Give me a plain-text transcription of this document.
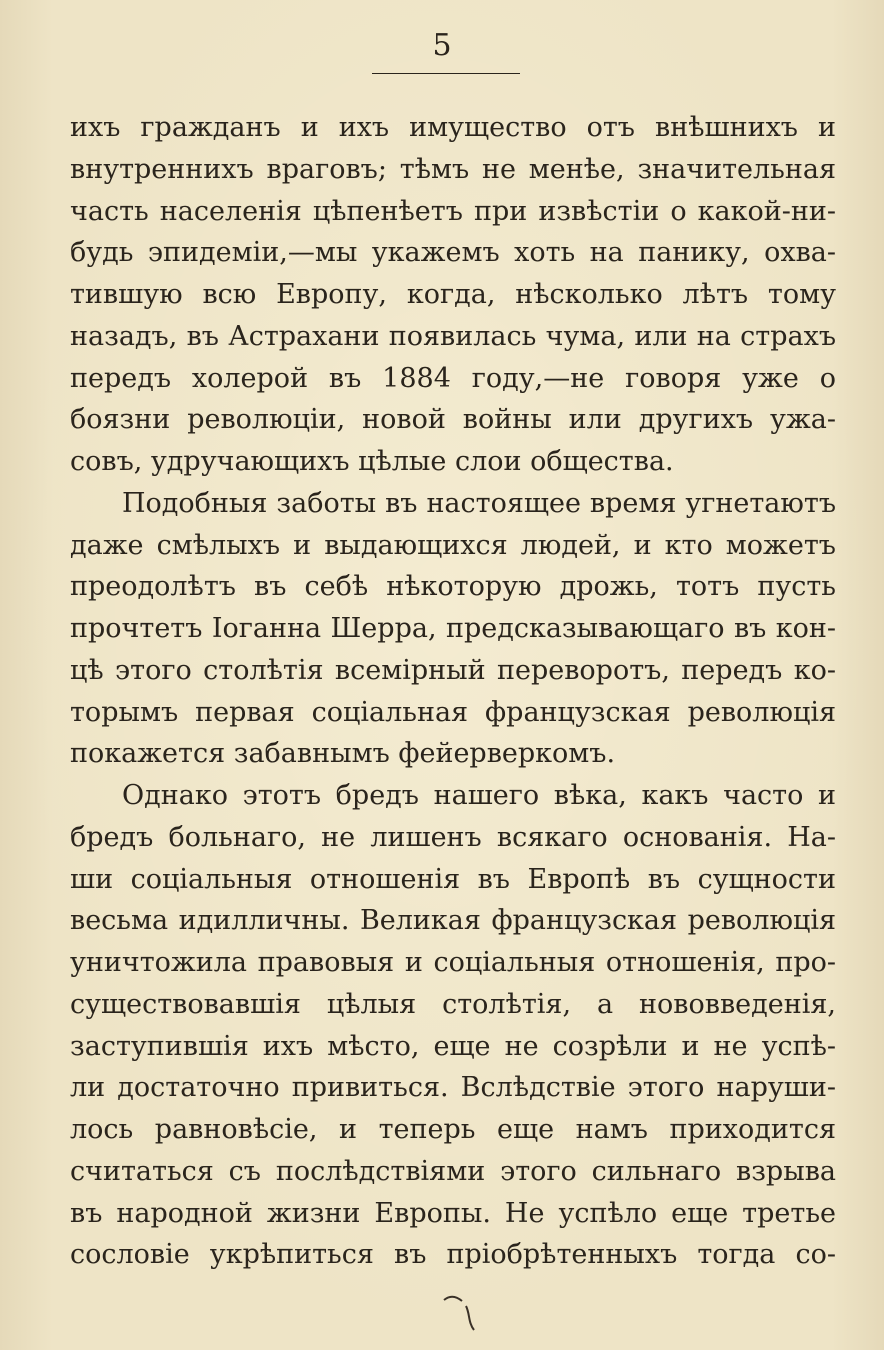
5
ихъ гражданъ и ихъ имущество отъ внѣшнихъ и
внутреннихъ враговъ; тѣмъ не менѣе, значительная
часть населенія цѣпенѣетъ при извѣстіи о какой-ни-
будь эпидеміи,—мы укажемъ хоть на панику, охва-
тившую всю Европу, когда, нѣсколько лѣтъ тому
назадъ, въ Астрахани появилась чума, или на страхъ
передъ холерой въ 1884 году,—не говоря уже о
боязни революціи, новой войны или другихъ ужа-
совъ, удручающихъ цѣлые слои общества.
Подобныя заботы въ настоящее время угнетаютъ
даже смѣлыхъ и выдающихся людей, и кто можетъ
преодолѣтъ въ себѣ нѣкоторую дрожь, тотъ пусть
прочтетъ Іоганна Шерра, предсказывающаго въ кон-
цѣ этого столѣтія всемірный переворотъ, передъ ко-
торымъ первая соціальная французская революція
покажется забавнымъ фейерверкомъ.
Однако этотъ бредъ нашего вѣка, какъ часто и
бредъ больнаго, не лишенъ всякаго основанія. На-
ши соціальныя отношенія въ Европѣ въ сущности
весьма идилличны. Великая французская революція
уничтожила правовыя и соціальныя отношенія, про-
существовавшія цѣлыя столѣтія, а нововведенія,
заступившія ихъ мѣсто, еще не созрѣли и не успѣ-
ли достаточно привиться. Вслѣдствіе этого наруши-
лось равновѣсіе, и теперь еще намъ приходится
считаться съ послѣдствіями этого сильнаго взрыва
въ народной жизни Европы. Не успѣло еще третье
сословіе укрѣпиться въ пріобрѣтенныхъ тогда со-
